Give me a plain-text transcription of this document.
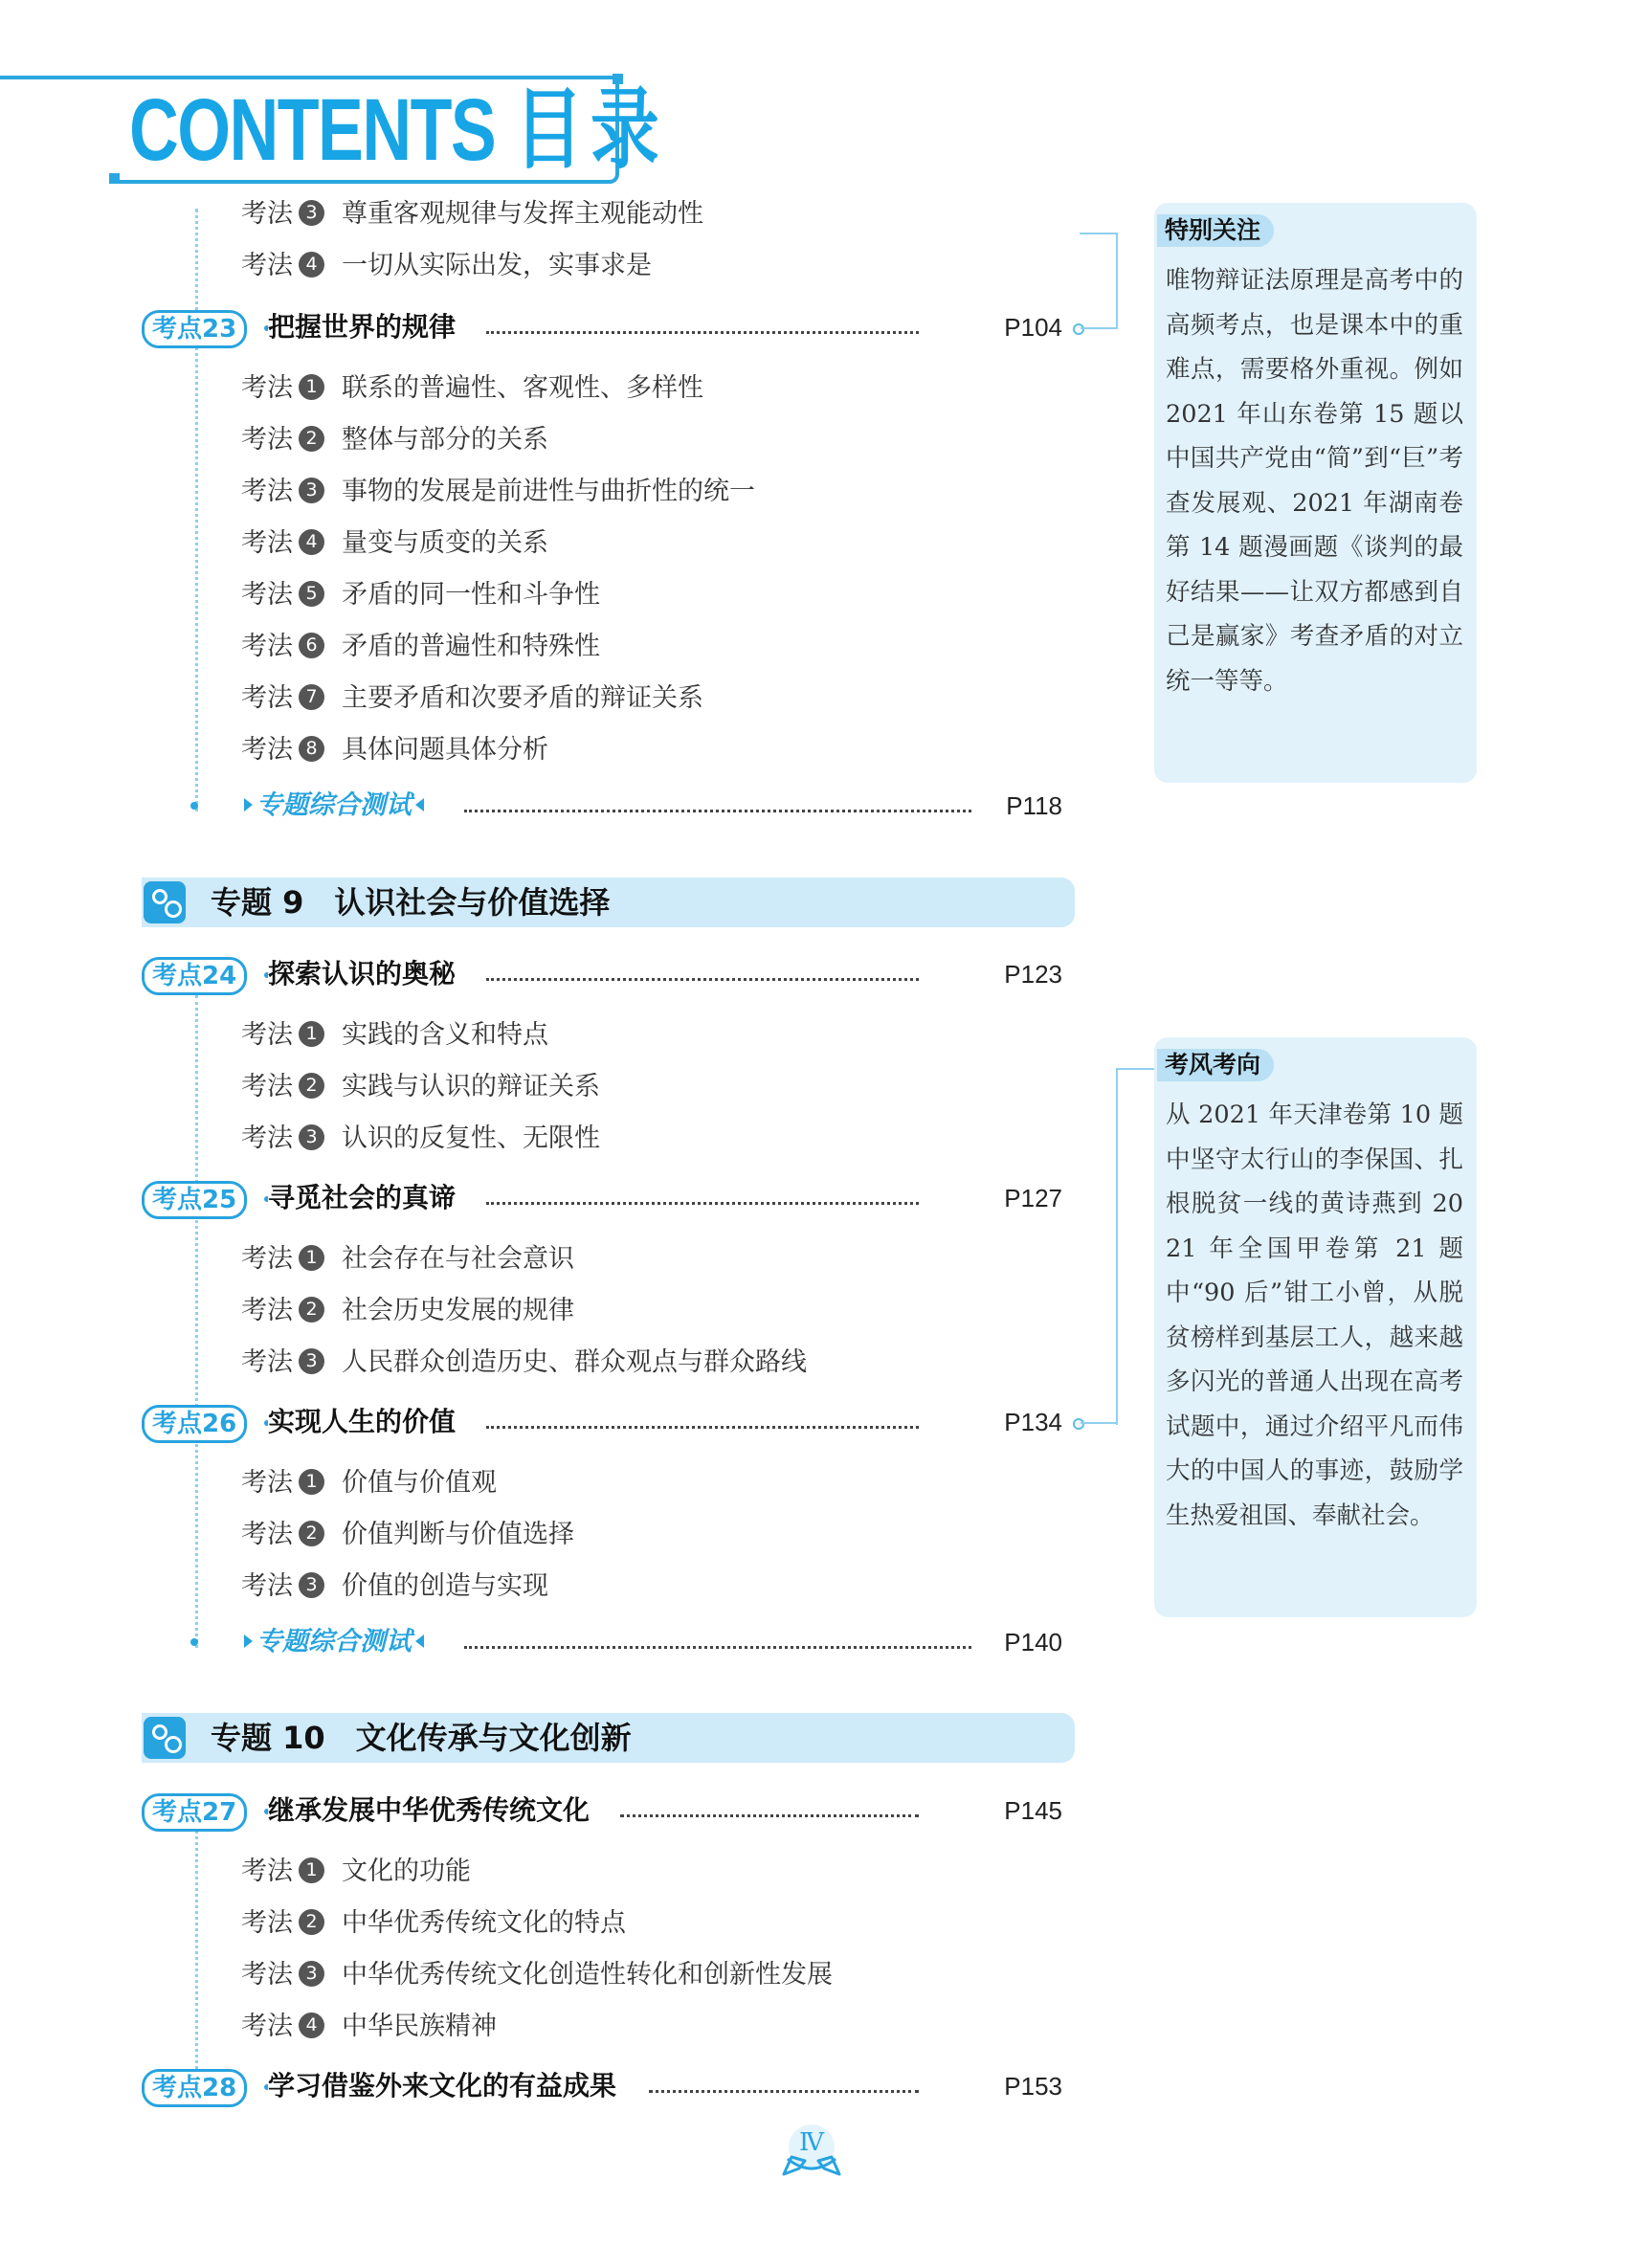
CONTENTS 目录
考法 3 尊重客观规律与发挥主观能动性
考法 4 一切从实际出发，实事求是
考点23	把握世界的规律	P104
考法 1 联系的普遍性、客观性、多样性
考法 2 整体与部分的关系
考法 3 事物的发展是前进性与曲折性的统一
考法 4 量变与质变的关系
考法 5 矛盾的同一性和斗争性
考法 6 矛盾的普遍性和特殊性
考法 7 主要矛盾和次要矛盾的辩证关系
考法 8 具体问题具体分析
专题综合测试	P118
专题 9　认识社会与价值选择
考点24	探索认识的奥秘	P123
考法 1 实践的含义和特点
考法 2 实践与认识的辩证关系
考法 3 认识的反复性、无限性
考点25	寻觅社会的真谛	P127
考法 1 社会存在与社会意识
考法 2 社会历史发展的规律
考法 3 人民群众创造历史、群众观点与群众路线
考点26	实现人生的价值	P134
考法 1 价值与价值观
考法 2 价值判断与价值选择
考法 3 价值的创造与实现
专题综合测试	P140
专题 10　文化传承与文化创新
考点27	继承发展中华优秀传统文化	P145
考法 1 文化的功能
考法 2 中华优秀传统文化的特点
考法 3 中华优秀传统文化创造性转化和创新性发展
考法 4 中华民族精神
考点28	学习借鉴外来文化的有益成果	P153
特别关注
唯物辩证法原理是高考中的高频考点，也是课本中的重难点，需要格外重视。例如 2021 年山东卷第 15 题以中国共产党由“简”到“巨”考查发展观、2021 年湖南卷第 14 题漫画题《谈判的最好结果——让双方都感到自己是赢家》考查矛盾的对立统一等等。
考风考向
从 2021 年天津卷第 10 题中坚守太行山的李保国、扎根脱贫一线的黄诗燕到 2021 年全国甲卷第 21 题中“90 后”钳工小曾，从脱贫榜样到基层工人，越来越多闪光的普通人出现在高考试题中，通过介绍平凡而伟大的中国人的事迹，鼓励学生热爱祖国、奉献社会。
Ⅳ
